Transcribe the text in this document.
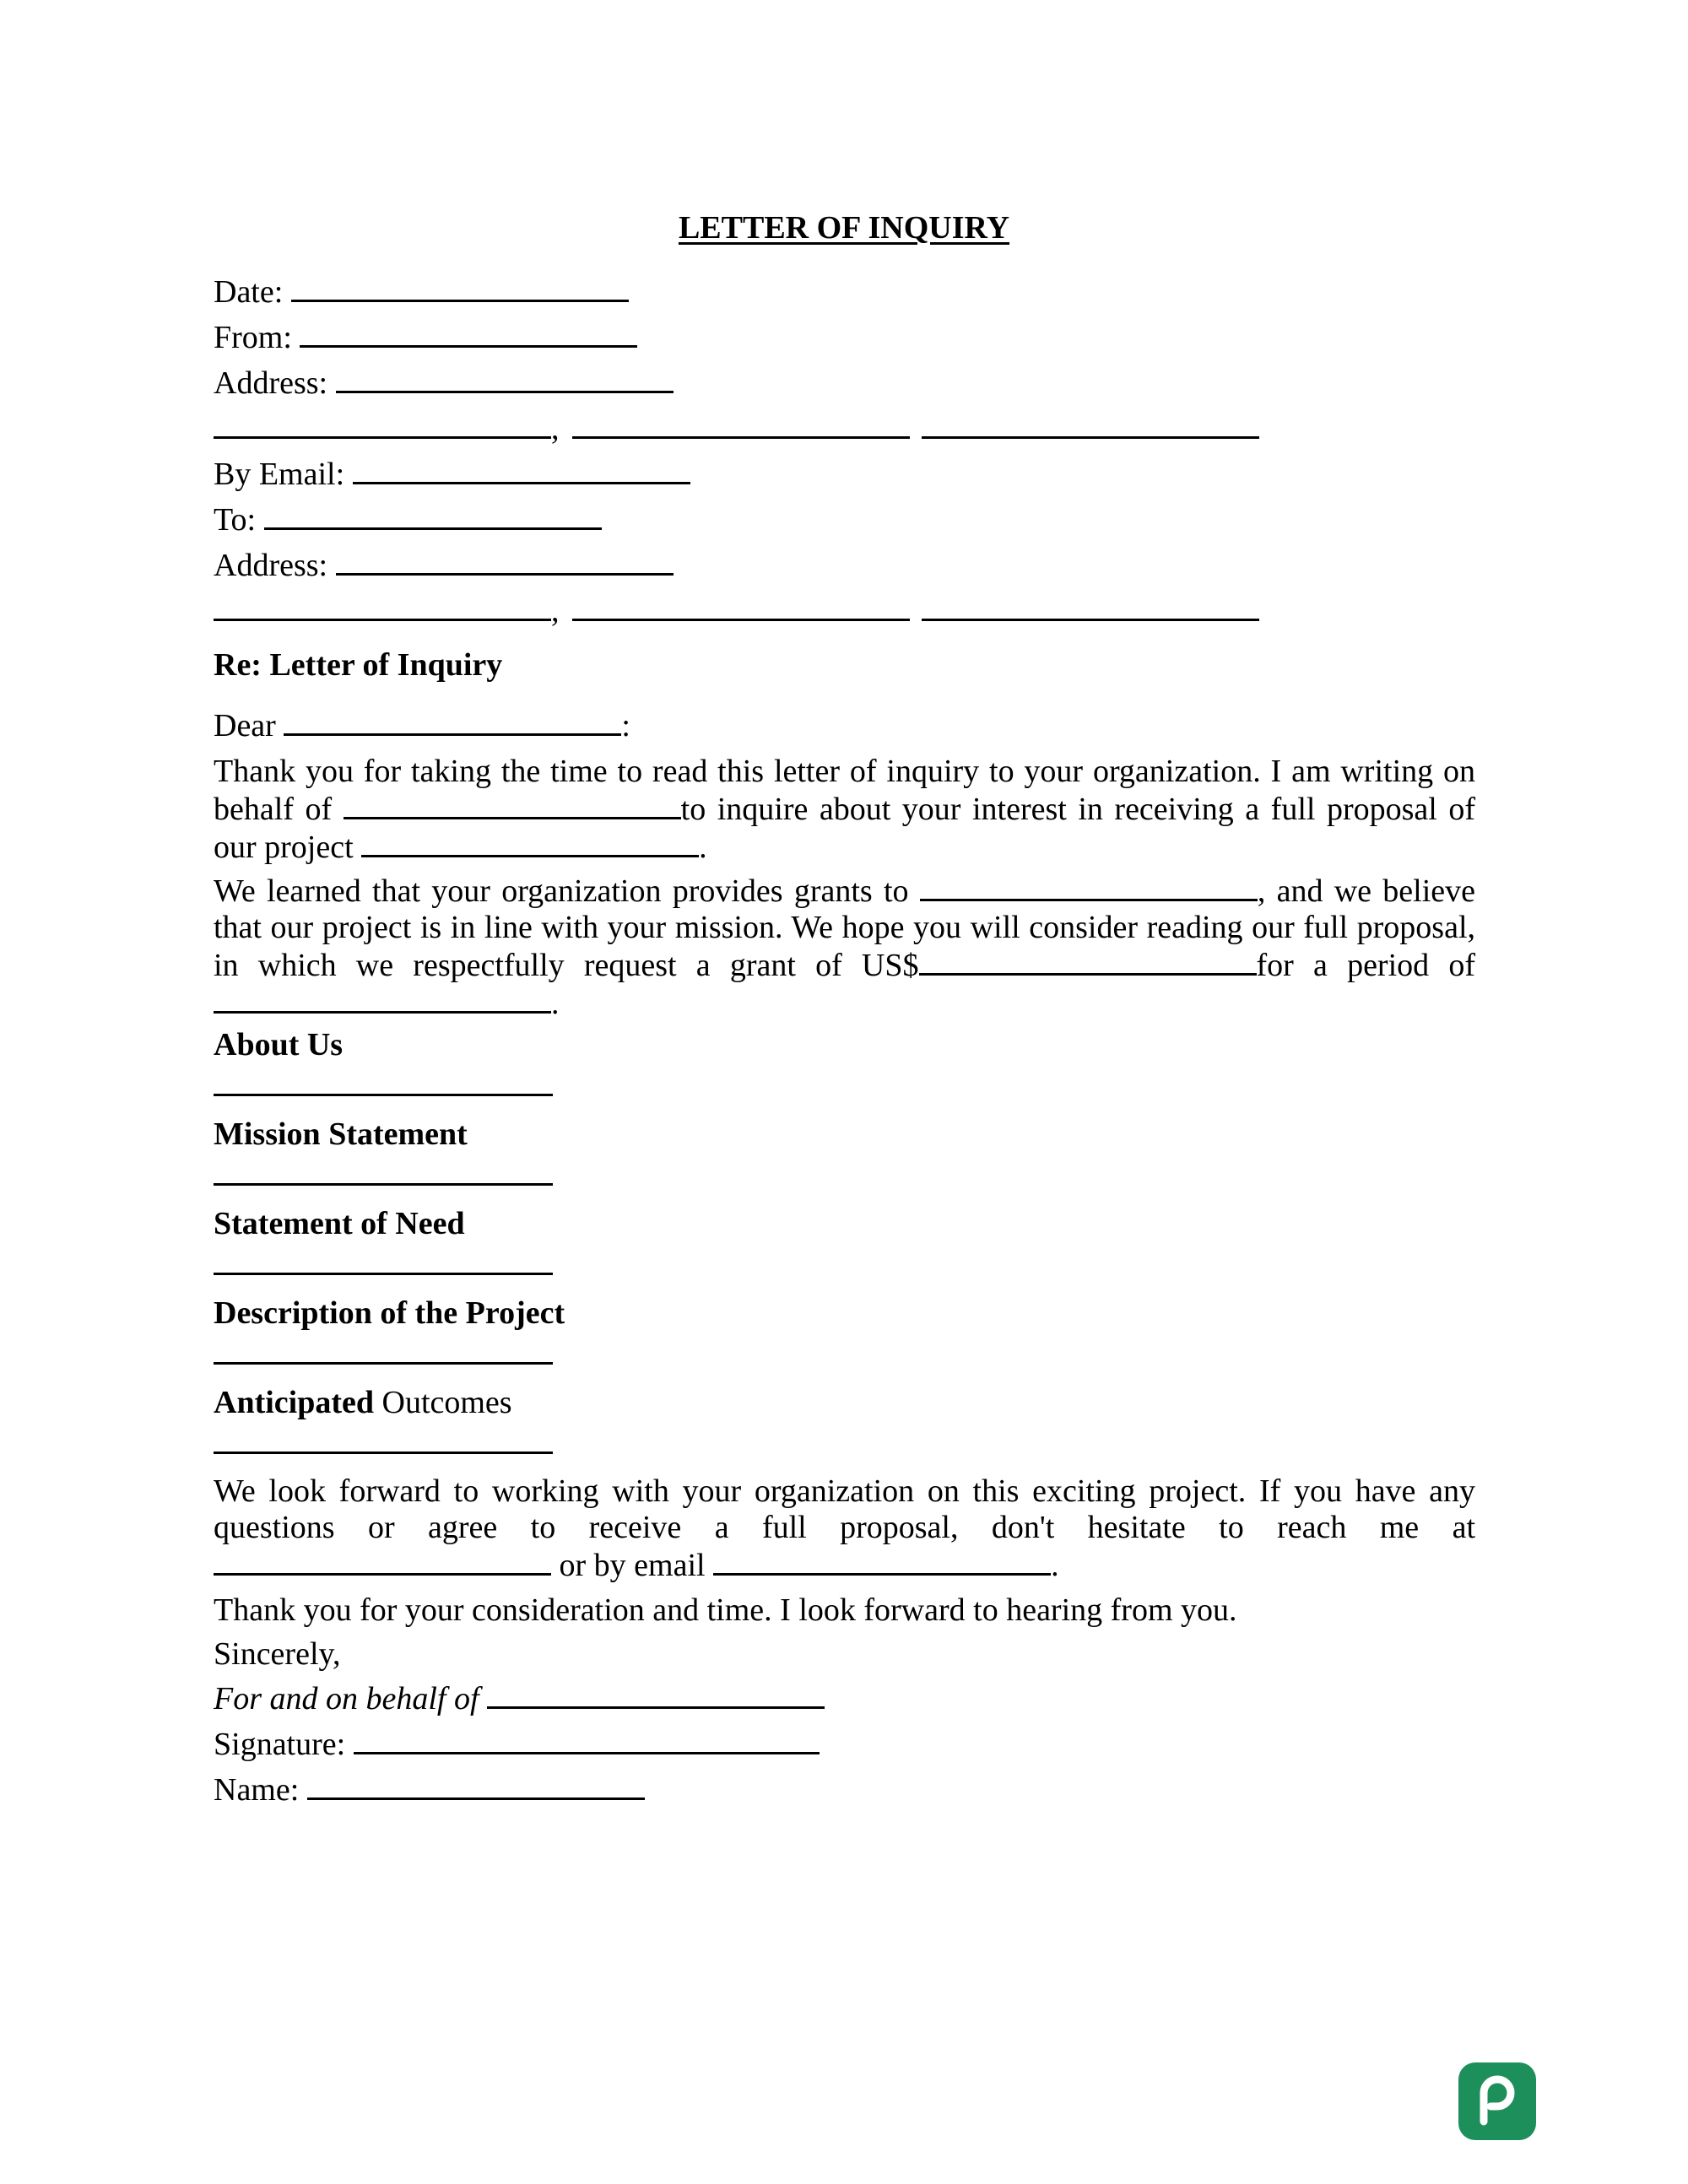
LETTER OF INQUIRY
Date:
From:
Address:
,
By Email:
To:
Address:
,
Re: Letter of Inquiry
Dear	:
Thank you for taking the time to read this letter of inquiry to your organization. I am writing on behalf of	to inquire about your interest in receiving a full proposal of our project	.
We learned that your organization provides grants to	, and we believe that our project is in line with your mission. We hope you will consider reading our full proposal, in which we respectfully request a grant of US$	for a period of .
About Us
Mission Statement
Statement of Need
Description of the Project
Anticipated Outcomes
We look forward to working with your organization on this exciting project. If you have any questions or agree to receive a full proposal, don't hesitate to reach me at  or by email	.
Thank you for your consideration and time. I look forward to hearing from you.
Sincerely,
For and on behalf of
Signature:
Name:
